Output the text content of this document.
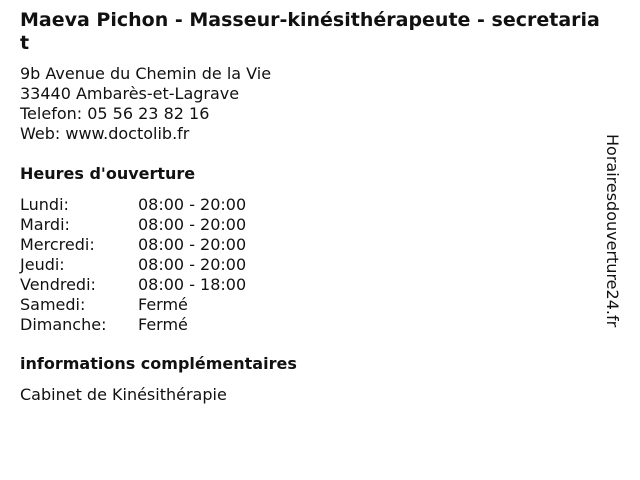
Maeva Pichon - Masseur-kinésithérapeute - secretariat
9b Avenue du Chemin de la Vie
33440 Ambarès-et-Lagrave
Telefon: 05 56 23 82 16
Web: www.doctolib.fr
Heures d'ouverture
Lundi:	08:00 - 20:00
Mardi:	08:00 - 20:00
Mercredi:	08:00 - 20:00
Jeudi:	08:00 - 20:00
Vendredi:	08:00 - 18:00
Samedi:	Fermé
Dimanche:	Fermé
informations complémentaires
Cabinet de Kinésithérapie
Horairesdouverture24.fr
